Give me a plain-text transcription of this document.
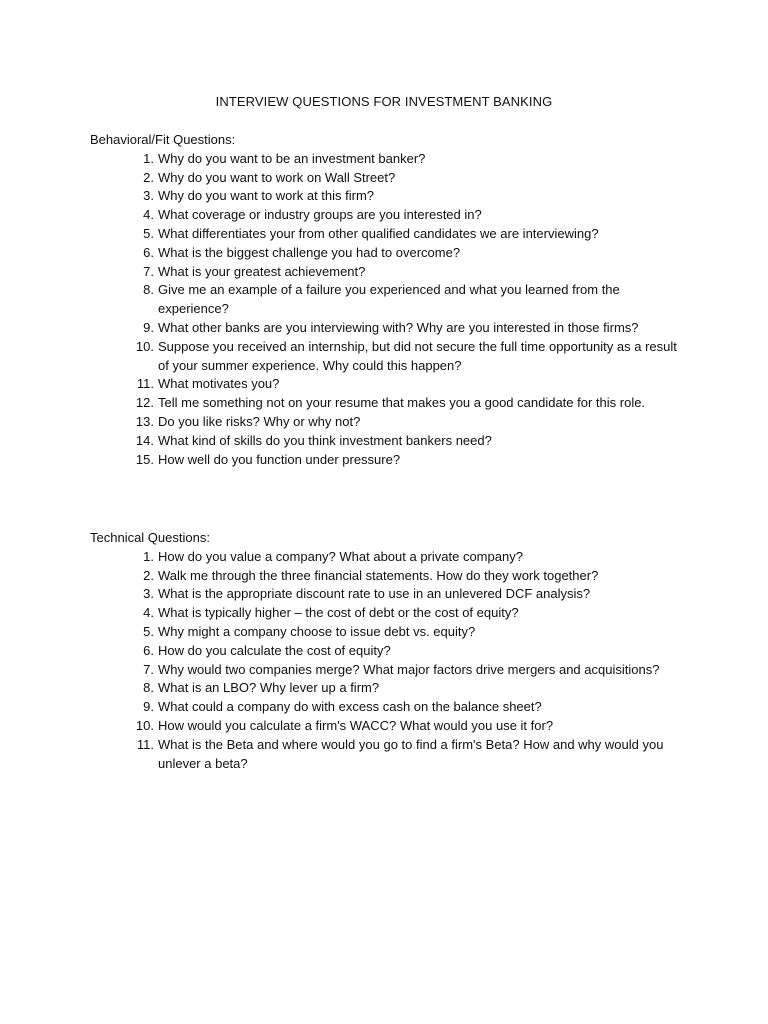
INTERVIEW QUESTIONS FOR INVESTMENT BANKING

Behavioral/Fit Questions:

1. Why do you want to be an investment banker?
2. Why do you want to work on Wall Street?
3. Why do you want to work at this firm?
4. What coverage or industry groups are you interested in?
5. What differentiates your from other qualified candidates we are interviewing?
6. What is the biggest challenge you had to overcome?
7. What is your greatest achievement?
8. Give me an example of a failure you experienced and what you learned from the experience?
9. What other banks are you interviewing with? Why are you interested in those firms?
10. Suppose you received an internship, but did not secure the full time opportunity as a result of your summer experience. Why could this happen?
11. What motivates you?
12. Tell me something not on your resume that makes you a good candidate for this role.
13. Do you like risks? Why or why not?
14. What kind of skills do you think investment bankers need?
15. How well do you function under pressure?

Technical Questions:

1. How do you value a company? What about a private company?
2. Walk me through the three financial statements. How do they work together?
3. What is the appropriate discount rate to use in an unlevered DCF analysis?
4. What is typically higher – the cost of debt or the cost of equity?
5. Why might a company choose to issue debt vs. equity?
6. How do you calculate the cost of equity?
7. Why would two companies merge? What major factors drive mergers and acquisitions?
8. What is an LBO? Why lever up a firm?
9. What could a company do with excess cash on the balance sheet?
10. How would you calculate a firm's WACC? What would you use it for?
11. What is the Beta and where would you go to find a firm's Beta? How and why would you unlever a beta?
